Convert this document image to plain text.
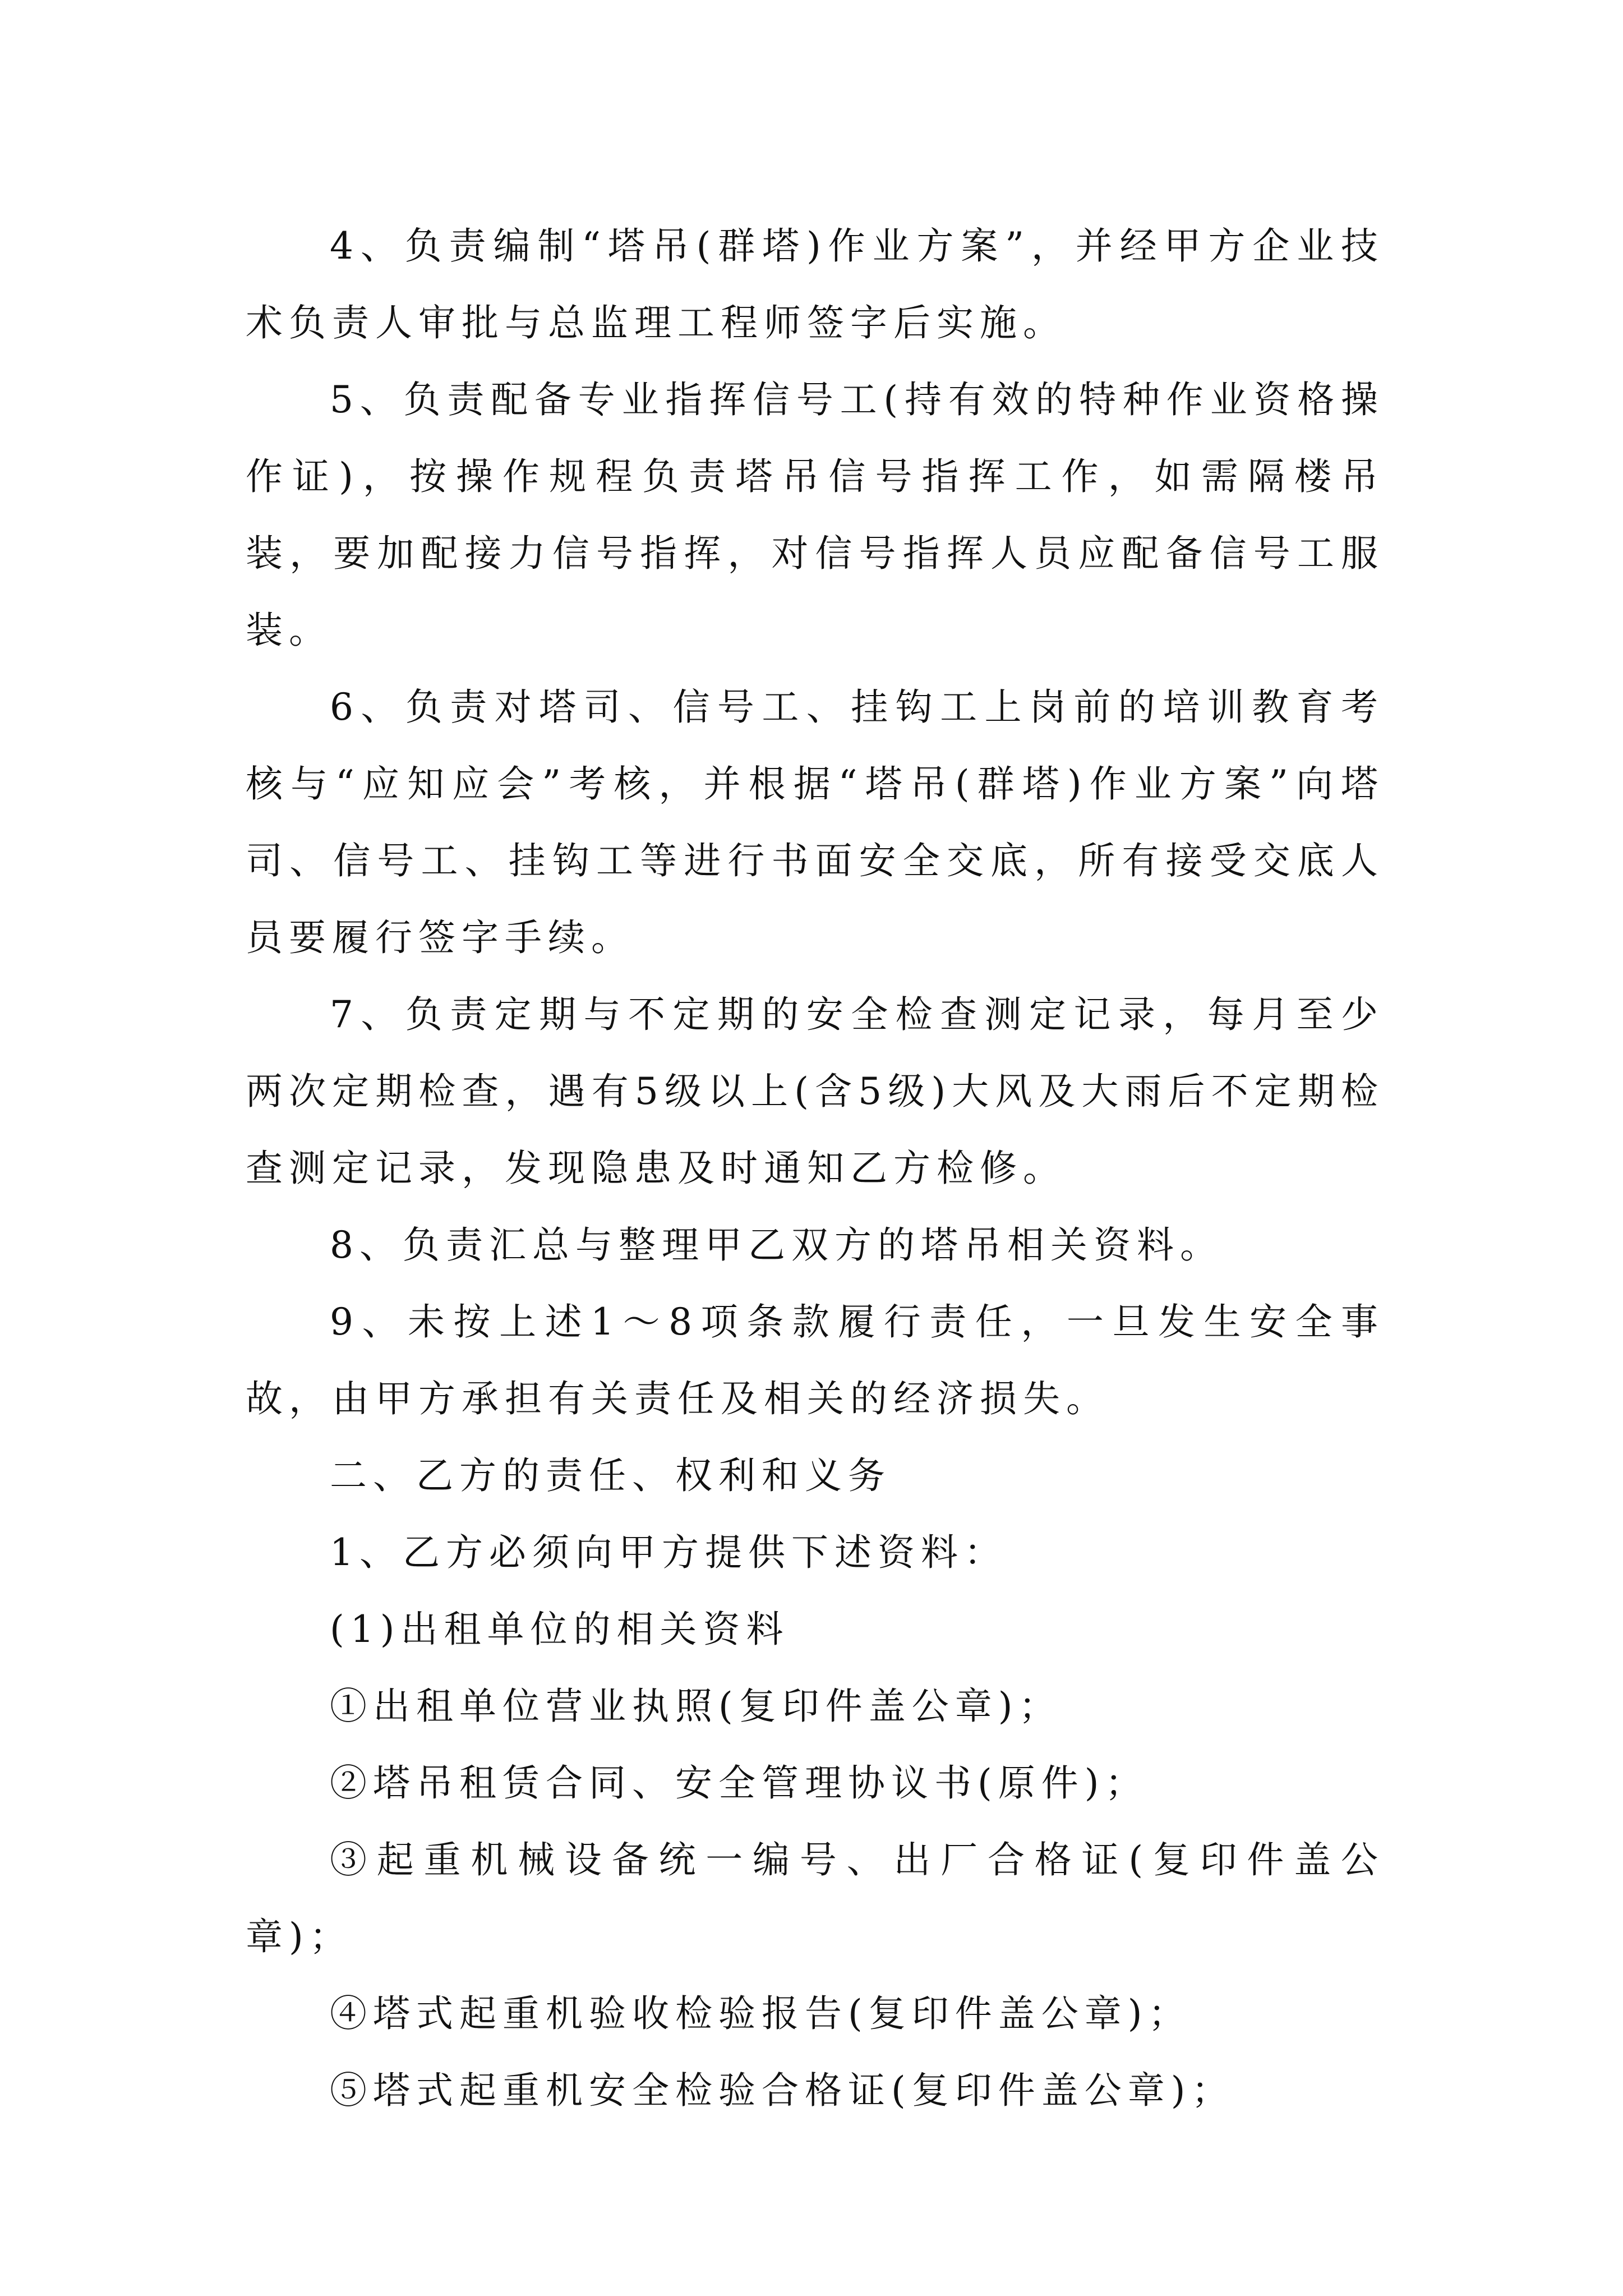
4、负责编制“塔吊(群塔)作业方案”，并经甲方企业技术负责人审批与总监理工程师签字后实施。

5、负责配备专业指挥信号工(持有效的特种作业资格操作证)，按操作规程负责塔吊信号指挥工作，如需隔楼吊装，要加配接力信号指挥，对信号指挥人员应配备信号工服装。

6、负责对塔司、信号工、挂钩工上岗前的培训教育考核与“应知应会”考核，并根据“塔吊(群塔)作业方案”向塔司、信号工、挂钩工等进行书面安全交底，所有接受交底人员要履行签字手续。

7、负责定期与不定期的安全检查测定记录，每月至少两次定期检查，遇有5级以上(含5级)大风及大雨后不定期检查测定记录，发现隐患及时通知乙方检修。

8、负责汇总与整理甲乙双方的塔吊相关资料。

9、未按上述1～8项条款履行责任，一旦发生安全事故，由甲方承担有关责任及相关的经济损失。

二、乙方的责任、权利和义务

1、乙方必须向甲方提供下述资料：

(1)出租单位的相关资料

①出租单位营业执照(复印件盖公章)；

②塔吊租赁合同、安全管理协议书(原件)；

③起重机械设备统一编号、出厂合格证(复印件盖公章)；

④塔式起重机验收检验报告(复印件盖公章)；

⑤塔式起重机安全检验合格证(复印件盖公章)；
